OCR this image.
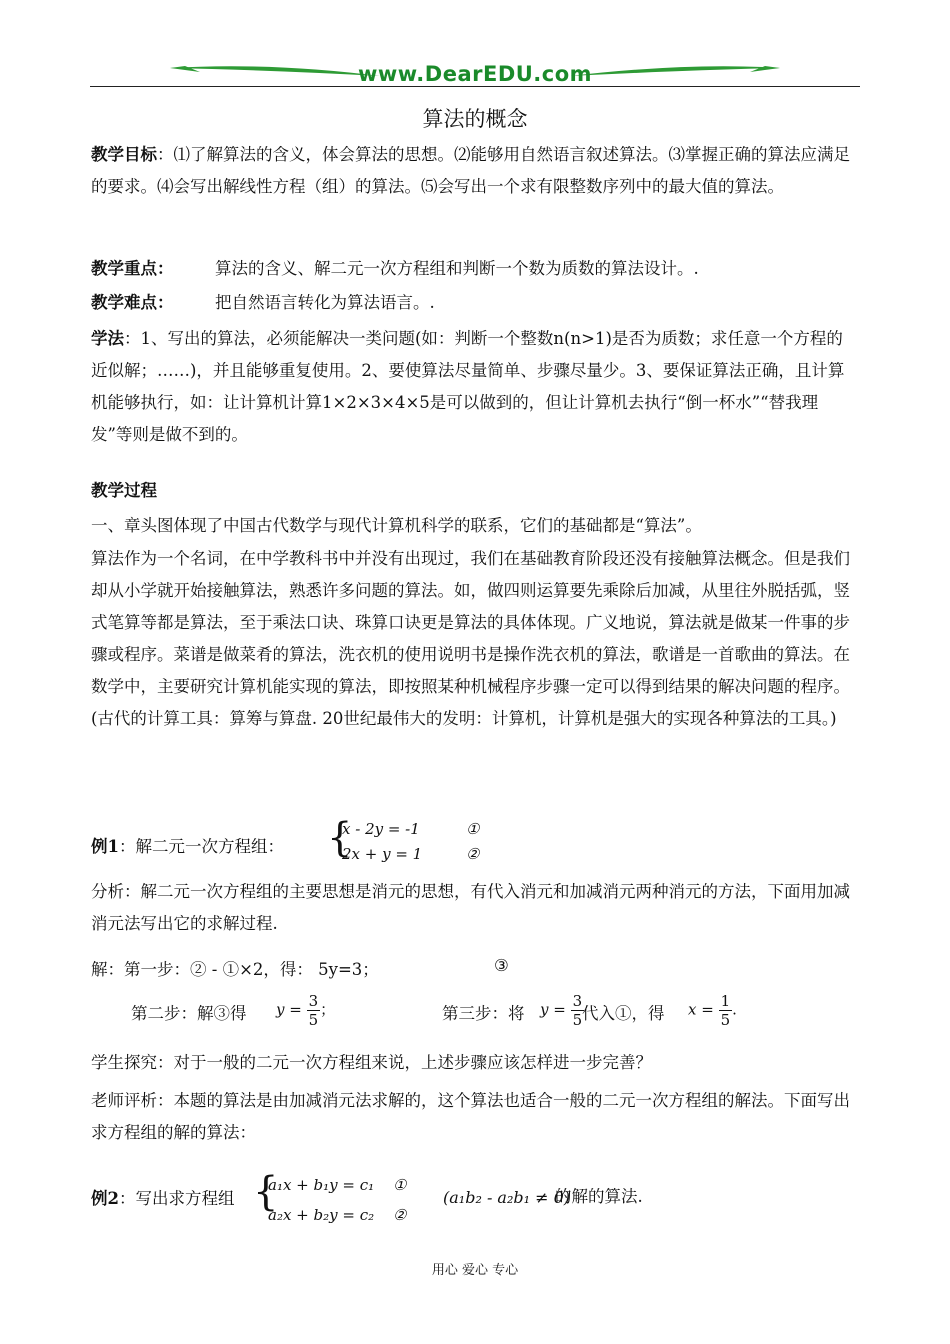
www.DearEDU.com
算法的概念

教学目标：⑴了解算法的含义，体会算法的思想。⑵能够用自然语言叙述算法。⑶掌握正确的算法应满足的要求。⑷会写出解线性方程（组）的算法。⑸会写出一个求有限整数序列中的最大值的算法。

教学重点：	算法的含义、解二元一次方程组和判断一个数为质数的算法设计。.

教学难点：	把自然语言转化为算法语言。.

学法：1、写出的算法，必须能解决一类问题(如：判断一个整数n(n>1)是否为质数；求任意一个方程的近似解；……)，并且能够重复使用。2、要使算法尽量简单、步骤尽量少。3、要保证算法正确，且计算机能够执行，如：让计算机计算1×2×3×4×5是可以做到的，但让计算机去执行“倒一杯水”“替我理发”等则是做不到的。

教学过程

一、章头图体现了中国古代数学与现代计算机科学的联系，它们的基础都是“算法”。

算法作为一个名词，在中学教科书中并没有出现过，我们在基础教育阶段还没有接触算法概念。但是我们却从小学就开始接触算法，熟悉许多问题的算法。如，做四则运算要先乘除后加减，从里往外脱括弧，竖式笔算等都是算法，至于乘法口诀、珠算口诀更是算法的具体体现。广义地说，算法就是做某一件事的步骤或程序。菜谱是做菜肴的算法，洗衣机的使用说明书是操作洗衣机的算法，歌谱是一首歌曲的算法。在数学中，主要研究计算机能实现的算法，即按照某种机械程序步骤一定可以得到结果的解决问题的程序。(古代的计算工具：算筹与算盘. 20世纪最伟大的发明：计算机，计算机是强大的实现各种算法的工具。)

例1：解二元一次方程组： {
x - 2y = -1
2x + y = 1
①
②

分析：解二元一次方程组的主要思想是消元的思想，有代入消元和加减消元两种消元的方法，下面用加减消元法写出它的求解过程.

解：第一步：② - ①×2，得： 5y=3；	③
第二步：解③得 $y = \frac{3}{5}$ ；	第三步：将 $y = \frac{3}{5}$
代入①，得 $x = \frac{1}{5}$ .
学生探究：对于一般的二元一次方程组来说，上述步骤应该怎样进一步完善？

老师评析：本题的算法是由加减消元法求解的，这个算法也适合一般的二元一次方程组的解法。下面写出求方程组的解的算法：

例2：写出求方程组 {
a₁x + b₁y = c₁
a₂x + b₂y = c₂
①
②
(a₁b₂ - a₂b₁ ≠ 0)
的解的算法.
用心 爱心 专心
